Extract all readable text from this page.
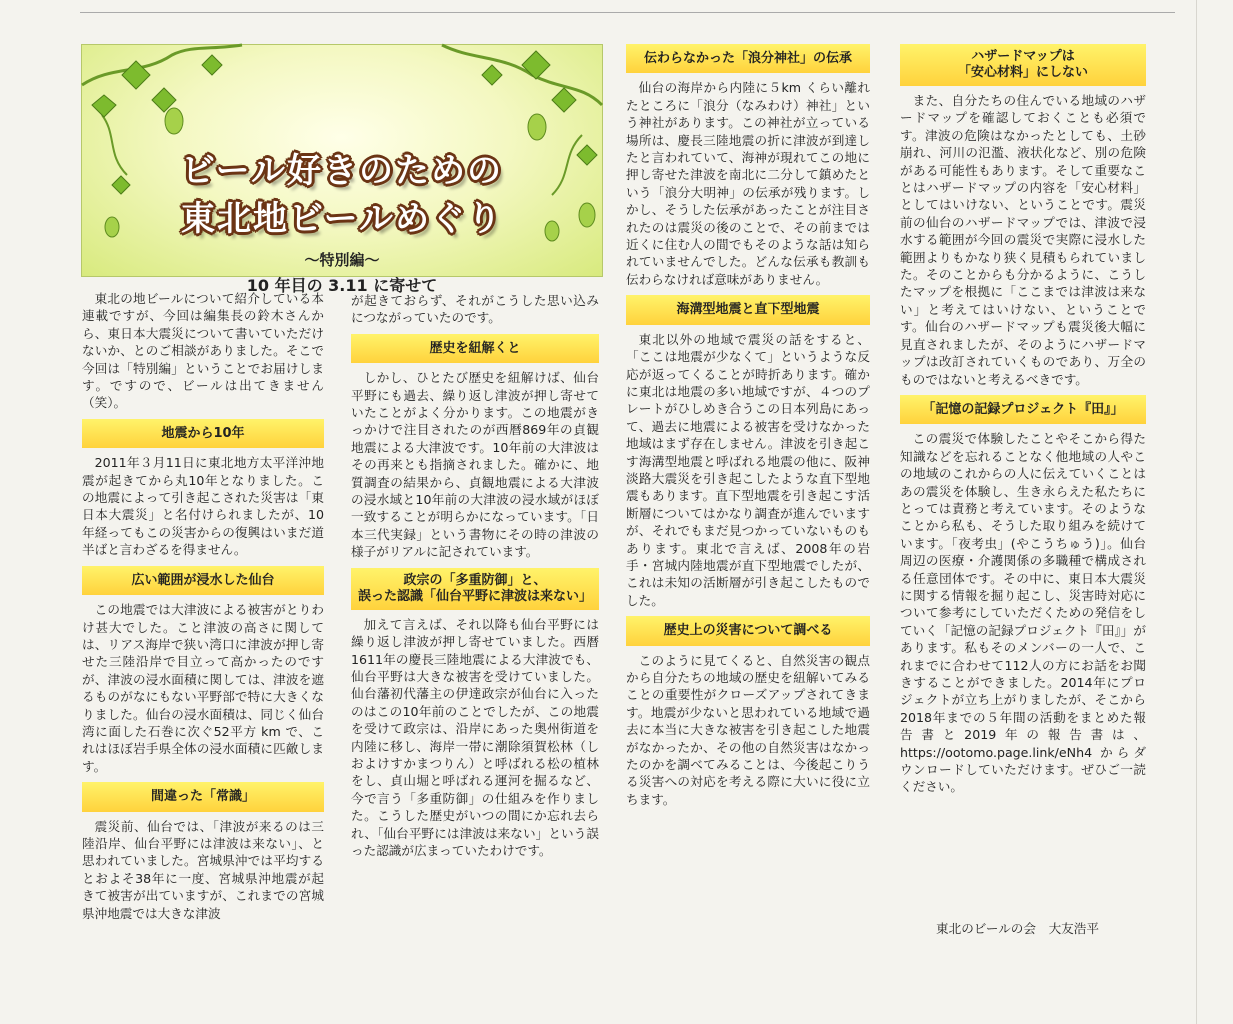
ビール好きのための
東北地ビールめぐり
～特別編～
10 年目の 3.11 に寄せて

東北の地ビールについて紹介している本連載ですが、今回は編集長の鈴木さんから、東日本大震災について書いていただけないか、とのご相談がありました。そこで今回は「特別編」ということでお届けします。ですので、ビールは出てきません（笑）。

地震から10年

2011年３月11日に東北地方太平洋沖地震が起きてから丸10年となりました。この地震によって引き起こされた災害は「東日本大震災」と名付けられましたが、10年経ってもこの災害からの復興はいまだ道半ばと言わざるを得ません。

広い範囲が浸水した仙台

この地震では大津波による被害がとりわけ甚大でした。こと津波の高さに関しては、リアス海岸で狭い湾口に津波が押し寄せた三陸沿岸で目立って高かったのですが、津波の浸水面積に関しては、津波を遮るものがなにもない平野部で特に大きくなりました。仙台の浸水面積は、同じく仙台湾に面した石巻に次ぐ52平方 km で、これはほぼ岩手県全体の浸水面積に匹敵します。

間違った「常識」

震災前、仙台では、「津波が来るのは三陸沿岸、仙台平野には津波は来ない」、と思われていました。宮城県沖では平均するとおよそ38年に一度、宮城県沖地震が起きて被害が出ていますが、これまでの宮城県沖地震では大きな津波

が起きておらず、それがこうした思い込みにつながっていたのです。

歴史を紐解くと

しかし、ひとたび歴史を紐解けば、仙台平野にも過去、繰り返し津波が押し寄せていたことがよく分かります。この地震がきっかけで注目されたのが西暦869年の貞観地震による大津波です。10年前の大津波はその再来とも指摘されました。確かに、地質調査の結果から、貞観地震による大津波の浸水域と10年前の大津波の浸水域がほぼ一致することが明らかになっています。「日本三代実録」という書物にその時の津波の様子がリアルに記されています。

政宗の「多重防御」と、
誤った認識「仙台平野に津波は来ない」

加えて言えば、それ以降も仙台平野には繰り返し津波が押し寄せていました。西暦1611年の慶長三陸地震による大津波でも、仙台平野は大きな被害を受けていました。仙台藩初代藩主の伊達政宗が仙台に入ったのはこの10年前のことでしたが、この地震を受けて政宗は、沿岸にあった奥州街道を内陸に移し、海岸一帯に潮除須賀松林（しおよけすかまつりん）と呼ばれる松の植林をし、貞山堀と呼ばれる運河を掘るなど、今で言う「多重防御」の仕組みを作りました。こうした歴史がいつの間にか忘れ去られ、「仙台平野には津波は来ない」という誤った認識が広まっていたわけです。

伝わらなかった「浪分神社」の伝承

仙台の海岸から内陸に５km くらい離れたところに「浪分（なみわけ）神社」という神社があります。この神社が立っている場所は、慶長三陸地震の折に津波が到達したと言われていて、海神が現れてこの地に押し寄せた津波を南北に二分して鎮めたという「浪分大明神」の伝承が残ります。しかし、そうした伝承があったことが注目されたのは震災の後のことで、その前までは近くに住む人の間でもそのような話は知られていませんでした。どんな伝承も教訓も伝わらなければ意味がありません。

海溝型地震と直下型地震

東北以外の地域で震災の話をすると、「ここは地震が少なくて」というような反応が返ってくることが時折あります。確かに東北は地震の多い地域ですが、４つのプレートがひしめき合うこの日本列島にあって、過去に地震による被害を受けなかった地域はまず存在しません。津波を引き起こす海溝型地震と呼ばれる地震の他に、阪神淡路大震災を引き起こしたような直下型地震もあります。直下型地震を引き起こす活断層についてはかなり調査が進んでいますが、それでもまだ見つかっていないものもあります。東北で言えば、2008年の岩手・宮城内陸地震が直下型地震でしたが、これは未知の活断層が引き起こしたものでした。

歴史上の災害について調べる

このように見てくると、自然災害の観点から自分たちの地域の歴史を紐解いてみることの重要性がクローズアップされてきます。地震が少ないと思われている地域で過去に本当に大きな被害を引き起こした地震がなかったか、その他の自然災害はなかったのかを調べてみることは、今後起こりうる災害への対応を考える際に大いに役に立ちます。

ハザードマップは
「安心材料」にしない

また、自分たちの住んでいる地域のハザードマップを確認しておくことも必須です。津波の危険はなかったとしても、土砂崩れ、河川の氾濫、液状化など、別の危険がある可能性もあります。そして重要なことはハザードマップの内容を「安心材料」としてはいけない、ということです。震災前の仙台のハザードマップでは、津波で浸水する範囲が今回の震災で実際に浸水した範囲よりもかなり狭く見積もられていました。そのことからも分かるように、こうしたマップを根拠に「ここまでは津波は来ない」と考えてはいけない、ということです。仙台のハザードマップも震災後大幅に見直されましたが、そのようにハザードマップは改訂されていくものであり、万全のものではないと考えるべきです。

「記憶の記録プロジェクト『田』」

この震災で体験したことやそこから得た知識などを忘れることなく他地域の人やこの地域のこれからの人に伝えていくことはあの震災を体験し、生き永らえた私たちにとっては責務と考えています。そのようなことから私も、そうした取り組みを続けています。「夜考虫」(やこうちゅう)」。仙台周辺の医療・介護関係の多職種で構成される任意団体です。その中に、東日本大震災に関する情報を掘り起こし、災害時対応について参考にしていただくための発信をしていく「記憶の記録プロジェクト『田』」があります。私もそのメンバーの一人で、これまでに合わせて112人の方にお話をお聞きすることができました。2014年にプロジェクトが立ち上がりましたが、そこから2018年までの５年間の活動をまとめた報告書と2019年の報告書は、https://ootomo.page.link/eNh4 からダウンロードしていただけます。ぜひご一読ください。

東北のビールの会　大友浩平
